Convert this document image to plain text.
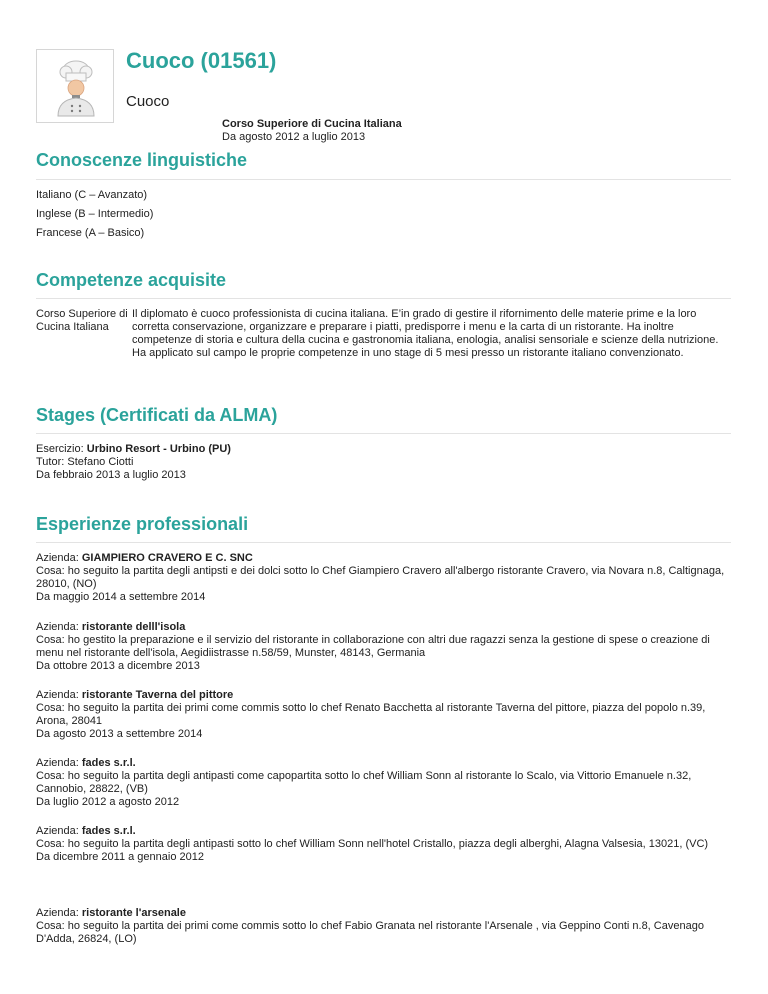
Cuoco (01561)
Cuoco
Corso Superiore di Cucina Italiana
Da agosto 2012 a luglio 2013
Conoscenze linguistiche
Italiano (C – Avanzato)
Inglese (B – Intermedio)
Francese (A – Basico)
Competenze acquisite
Corso Superiore di Cucina Italiana
Il diplomato è cuoco professionista di cucina italiana. E’in grado di gestire il rifornimento delle materie prime e la loro corretta conservazione, organizzare e preparare i piatti, predisporre i menu e la carta di un ristorante. Ha inoltre competenze di storia e cultura della cucina e gastronomia italiana, enologia, analisi sensoriale e scienze della nutrizione. Ha applicato sul campo le proprie competenze in uno stage di 5 mesi presso un ristorante italiano convenzionato.
Stages (Certificati da ALMA)
Esercizio: Urbino Resort - Urbino (PU)
Tutor: Stefano Ciotti
Da febbraio 2013 a luglio 2013
Esperienze professionali
Azienda: GIAMPIERO CRAVERO E C. SNC
Cosa: ho seguito la partita degli antipsti e dei dolci sotto lo Chef Giampiero Cravero all'albergo ristorante Cravero, via Novara n.8, Caltignaga, 28010, (NO)
Da maggio 2014 a settembre 2014
Azienda: ristorante delll'isola
Cosa: ho gestito la preparazione e il servizio del ristorante in collaborazione con altri due ragazzi senza la gestione di spese o creazione di menu nel ristorante dell'isola, Aegidiistrasse n.58/59, Munster, 48143, Germania
Da ottobre 2013 a dicembre 2013
Azienda: ristorante Taverna del pittore
Cosa: ho seguito la partita dei primi come commis sotto lo chef Renato Bacchetta al ristorante Taverna del pittore, piazza del popolo n.39, Arona, 28041
Da agosto 2013 a settembre 2014
Azienda: fades s.r.l.
Cosa: ho seguito la partita degli antipasti come capopartita sotto lo chef William Sonn al ristorante lo Scalo, via Vittorio Emanuele n.32, Cannobio, 28822, (VB)
Da luglio 2012 a agosto 2012
Azienda: fades s.r.l.
Cosa: ho seguito la partita degli antipasti sotto lo chef William Sonn nell'hotel Cristallo, piazza degli alberghi, Alagna Valsesia, 13021, (VC)
Da dicembre 2011 a gennaio 2012
Azienda: ristorante l'arsenale
Cosa: ho seguito la partita dei primi come commis sotto lo chef Fabio Granata nel ristorante l'Arsenale , via Geppino Conti n.8, Cavenago D'Adda, 26824, (LO)
